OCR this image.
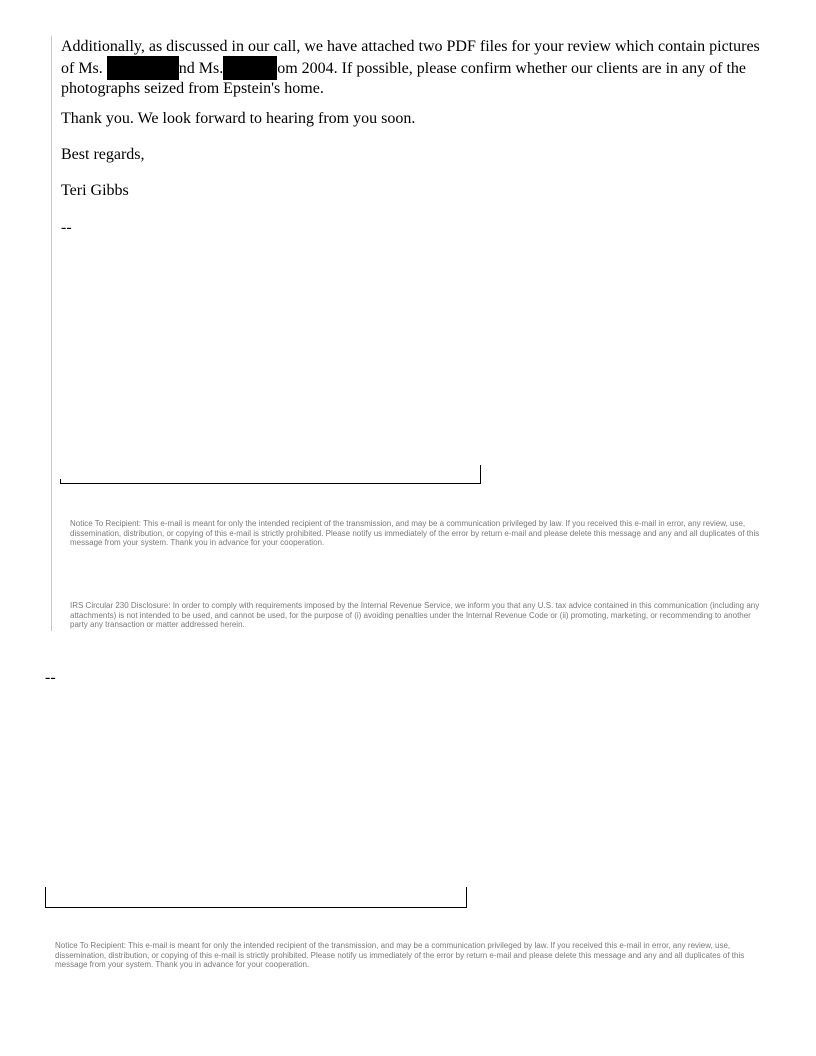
Additionally, as discussed in our call, we have attached two PDF files for your review which contain pictures
of Ms.	nd Ms.	om 2004. If possible, please confirm whether our clients are in any of the
photographs seized from Epstein's home.

Thank you. We look forward to hearing from you soon.

Best regards,

Teri Gibbs

--

Notice To Recipient: This e-mail is meant for only the intended recipient of the transmission, and may be a communication privileged by law. If you received this e-mail in error, any review, use, dissemination, distribution, or copying of this e-mail is strictly prohibited. Please notify us immediately of the error by return e-mail and please delete this message and any and all duplicates of this message from your system. Thank you in advance for your cooperation.

IRS Circular 230 Disclosure: In order to comply with requirements imposed by the Internal Revenue Service, we inform you that any U.S. tax advice contained in this communication (including any attachments) is not intended to be used, and cannot be used, for the purpose of (i) avoiding penalties under the Internal Revenue Code or (ii) promoting, marketing, or recommending to another party any transaction or matter addressed herein.

--

Notice To Recipient: This e-mail is meant for only the intended recipient of the transmission, and may be a communication privileged by law. If you received this e-mail in error, any review, use, dissemination, distribution, or copying of this e-mail is strictly prohibited. Please notify us immediately of the error by return e-mail and please delete this message and any and all duplicates of this message from your system. Thank you in advance for your cooperation.
